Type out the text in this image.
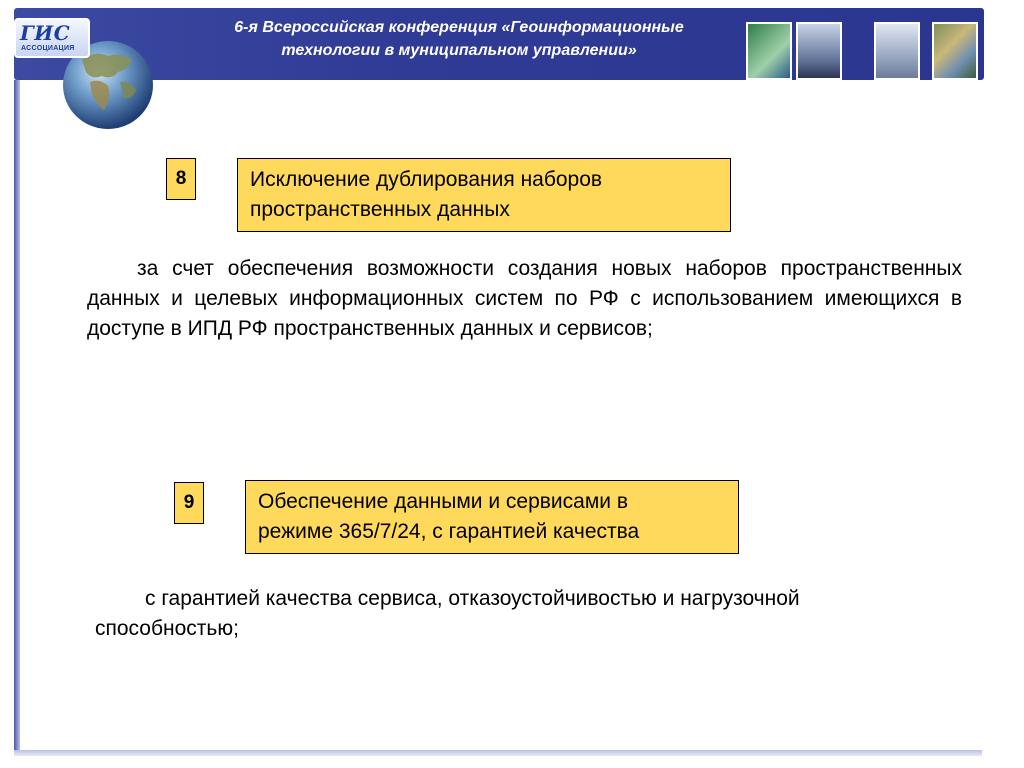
6-я Всероссийская конференция «Геоинформационные
технологии в муниципальном управлении»
ГИС
АССОЦИАЦИЯ
8	Исключение дублирования наборов
пространственных данных
за счет обеспечения возможности создания новых наборов пространственных данных и целевых информационных систем по РФ с использованием имеющихся в доступе в ИПД РФ пространственных данных и сервисов;
9	Обеспечение данными и сервисами в
режиме 365/7/24, с гарантией качества
с гарантией качества сервиса, отказоустойчивостью и нагрузочной
способностью;
